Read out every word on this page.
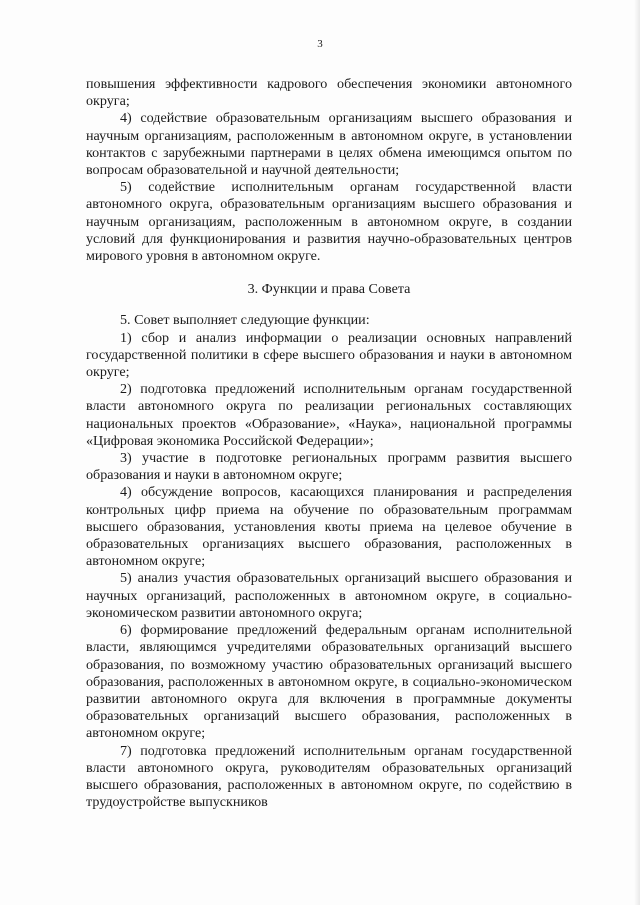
3

повышения эффективности кадрового обеспечения экономики автономного округа;

4) содействие образовательным организациям высшего образования и научным организациям, расположенным в автономном округе, в установлении контактов с зарубежными партнерами в целях обмена имеющимся опытом по вопросам образовательной и научной деятельности;

5) содействие исполнительным органам государственной власти автономного округа, образовательным организациям высшего образования и научным организациям, расположенным в автономном округе, в создании условий для функционирования и развития научно-образовательных центров мирового уровня в автономном округе.

3. Функции и права Совета

5. Совет выполняет следующие функции:

1) сбор и анализ информации о реализации основных направлений государственной политики в сфере высшего образования и науки в автономном округе;

2) подготовка предложений исполнительным органам государственной власти автономного округа по реализации региональных составляющих национальных проектов «Образование», «Наука», национальной программы «Цифровая экономика Российской Федерации»;

3) участие в подготовке региональных программ развития высшего образования и науки в автономном округе;

4) обсуждение вопросов, касающихся планирования и распределения контрольных цифр приема на обучение по образовательным программам высшего образования, установления квоты приема на целевое обучение в образовательных организациях высшего образования, расположенных в автономном округе;

5) анализ участия образовательных организаций высшего образования и научных организаций, расположенных в автономном округе, в социально-экономическом развитии автономного округа;

6) формирование предложений федеральным органам исполнительной власти, являющимся учредителями образовательных организаций высшего образования, по возможному участию образовательных организаций высшего образования, расположенных в автономном округе, в социально-экономическом развитии автономного округа для включения в программные документы образовательных организаций высшего образования, расположенных в автономном округе;

7) подготовка предложений исполнительным органам государственной власти автономного округа, руководителям образовательных организаций высшего образования, расположенных в автономном округе, по содействию в трудоустройстве выпускников
